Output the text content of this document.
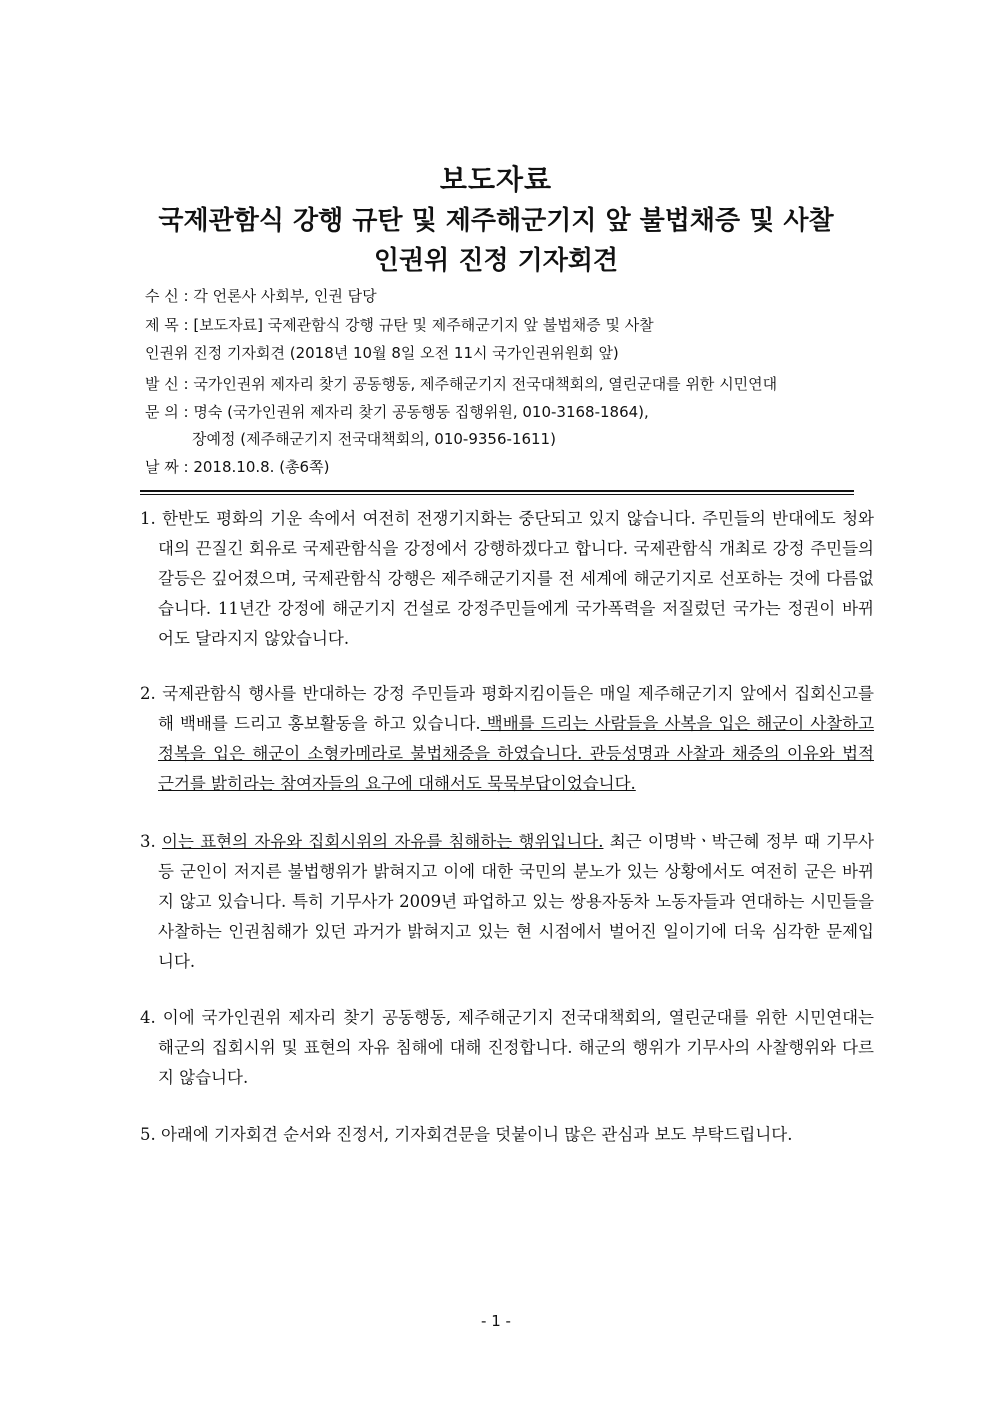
보도자료
국제관함식 강행 규탄 및 제주해군기지 앞 불법채증 및 사찰
인권위 진정 기자회견
수 신 : 각 언론사 사회부, 인권 담당
제 목 : [보도자료] 국제관함식 강행 규탄 및 제주해군기지 앞 불법채증 및 사찰
인권위 진정 기자회견 (2018년 10월 8일 오전 11시 국가인권위원회 앞)
발 신 : 국가인권위 제자리 찾기 공동행동, 제주해군기지 전국대책회의, 열린군대를 위한 시민연대
문 의 : 명숙 (국가인권위 제자리 찾기 공동행동 집행위원, 010-3168-1864),
장예정 (제주해군기지 전국대책회의, 010-9356-1611)
날 짜 : 2018.10.8. (총6쪽)
1. 한반도 평화의 기운 속에서 여전히 전쟁기지화는 중단되고 있지 않습니다. 주민들의 반대에도 청와대의 끈질긴 회유로 국제관함식을 강정에서 강행하겠다고 합니다. 국제관함식 개최로 강정 주민들의 갈등은 깊어졌으며, 국제관함식 강행은 제주해군기지를 전 세계에 해군기지로 선포하는 것에 다름없습니다. 11년간 강정에 해군기지 건설로 강정주민들에게 국가폭력을 저질렀던 국가는 정권이 바뀌어도 달라지지 않았습니다.
2. 국제관함식 행사를 반대하는 강정 주민들과 평화지킴이들은 매일 제주해군기지 앞에서 집회신고를 해 백배를 드리고 홍보활동을 하고 있습니다. 백배를 드리는 사람들을 사복을 입은 해군이 사찰하고 정복을 입은 해군이 소형카메라로 불법채증을 하였습니다. 관등성명과 사찰과 채증의 이유와 법적 근거를 밝히라는 참여자들의 요구에 대해서도 묵묵부답이었습니다.
3. 이는 표현의 자유와 집회시위의 자유를 침해하는 행위입니다. 최근 이명박ㆍ박근혜 정부 때 기무사 등 군인이 저지른 불법행위가 밝혀지고 이에 대한 국민의 분노가 있는 상황에서도 여전히 군은 바뀌지 않고 있습니다. 특히 기무사가 2009년 파업하고 있는 쌍용자동차 노동자들과 연대하는 시민들을 사찰하는 인권침해가 있던 과거가 밝혀지고 있는 현 시점에서 벌어진 일이기에 더욱 심각한 문제입니다.
4. 이에 국가인권위 제자리 찾기 공동행동, 제주해군기지 전국대책회의, 열린군대를 위한 시민연대는 해군의 집회시위 및 표현의 자유 침해에 대해 진정합니다. 해군의 행위가 기무사의 사찰행위와 다르지 않습니다.
5. 아래에 기자회견 순서와 진정서, 기자회견문을 덧붙이니 많은 관심과 보도 부탁드립니다.
- 1 -
